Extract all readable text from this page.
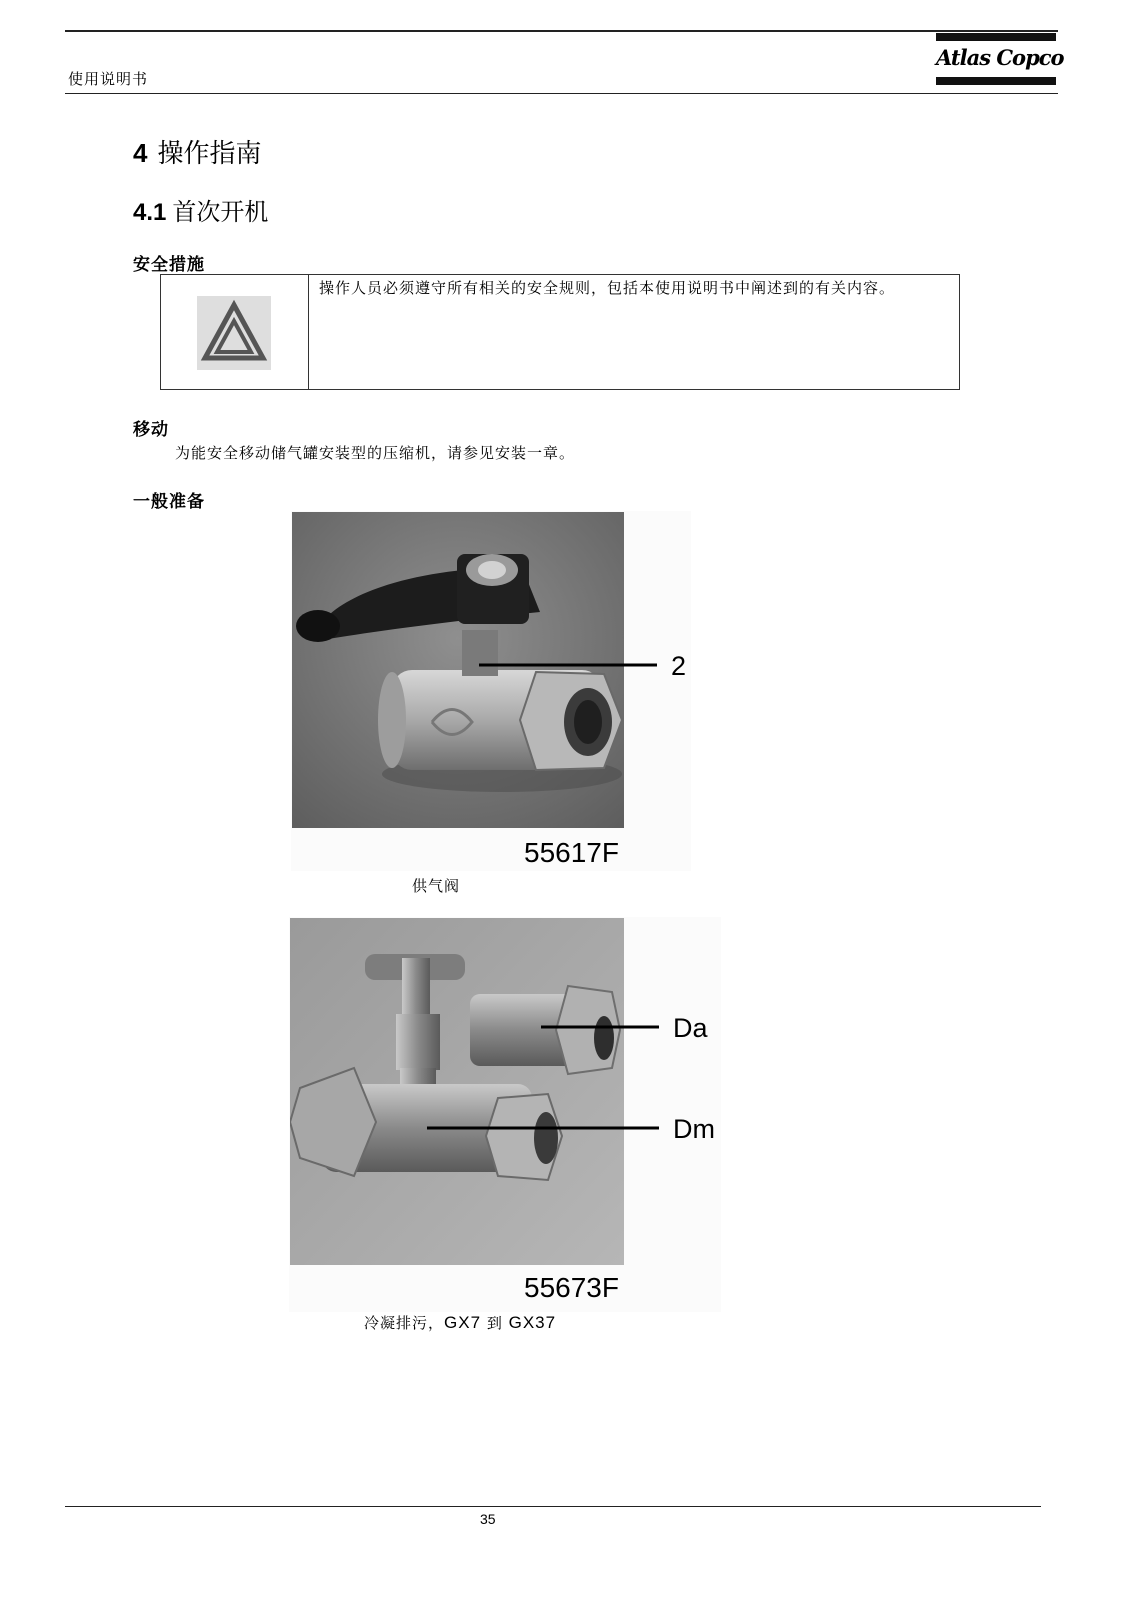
使用说明书
Atlas Copco
4 操作指南
4.1 首次开机
安全措施
操作人员必须遵守所有相关的安全规则，包括本使用说明书中阐述到的有关内容。
移动
为能安全移动储气罐安装型的压缩机，请参见安装一章。
一般准备
2
55617F
供气阀
Da
Dm
55673F
冷凝排污，GX7 到 GX37
35
